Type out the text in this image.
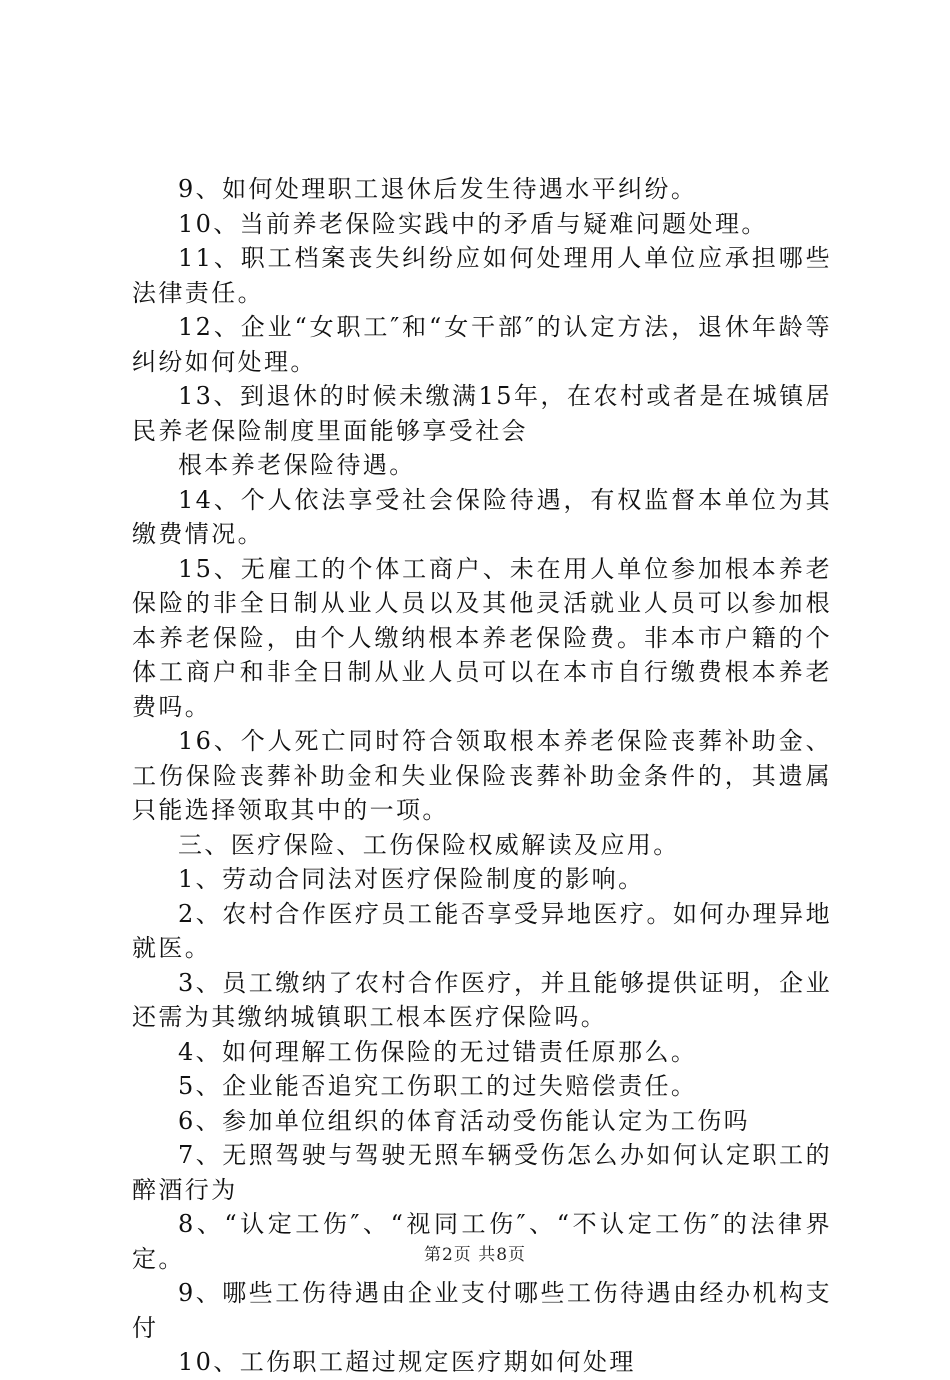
9、如何处理职工退休后发生待遇水平纠纷。

10、当前养老保险实践中的矛盾与疑难问题处理。

11、职工档案丧失纠纷应如何处理用人单位应承担哪些法律责任。

12、企业“女职工″和“女干部″的认定方法，退休年龄等纠纷如何处理。

13、到退休的时候未缴满15年，在农村或者是在城镇居民养老保险制度里面能够享受社会

根本养老保险待遇。

14、个人依法享受社会保险待遇，有权监督本单位为其缴费情况。

15、无雇工的个体工商户、未在用人单位参加根本养老保险的非全日制从业人员以及其他灵活就业人员可以参加根本养老保险，由个人缴纳根本养老保险费。非本市户籍的个体工商户和非全日制从业人员可以在本市自行缴费根本养老费吗。

16、个人死亡同时符合领取根本养老保险丧葬补助金、工伤保险丧葬补助金和失业保险丧葬补助金条件的，其遗属只能选择领取其中的一项。

三、医疗保险、工伤保险权威解读及应用。

1、劳动合同法对医疗保险制度的影响。

2、农村合作医疗员工能否享受异地医疗。如何办理异地就医。

3、员工缴纳了农村合作医疗，并且能够提供证明，企业还需为其缴纳城镇职工根本医疗保险吗。

4、如何理解工伤保险的无过错责任原那么。

5、企业能否追究工伤职工的过失赔偿责任。

6、参加单位组织的体育活动受伤能认定为工伤吗

7、无照驾驶与驾驶无照车辆受伤怎么办如何认定职工的醉酒行为

8、“认定工伤″、“视同工伤″、“不认定工伤″的法律界定。

9、哪些工伤待遇由企业支付哪些工伤待遇由经办机构支付

10、工伤职工超过规定医疗期如何处理

第2页 共8页
